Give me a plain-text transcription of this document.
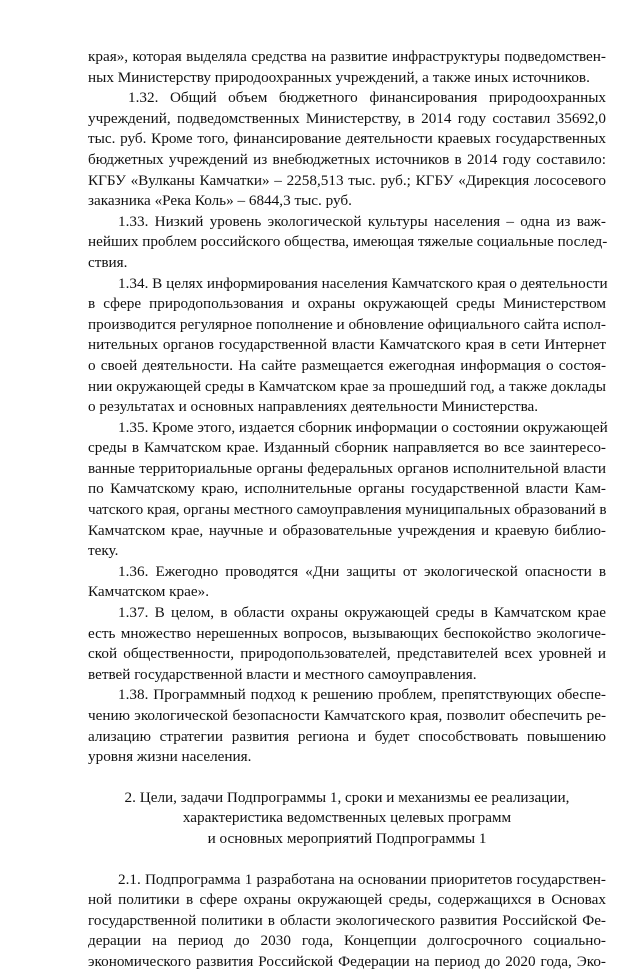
края», которая выделяла средства на развитие инфраструктуры подведомствен-
ных Министерству природоохранных учреждений, а также иных источников.
1.32. Общий объем бюджетного финансирования природоохранных
учреждений, подведомственных Министерству, в 2014 году составил 35692,0
тыс. руб. Кроме того, финансирование деятельности краевых государственных
бюджетных учреждений из внебюджетных источников в 2014 году составило:
КГБУ «Вулканы Камчатки» – 2258,513 тыс. руб.; КГБУ «Дирекция лососевого
заказника «Река Коль» – 6844,3 тыс. руб.
1.33. Низкий уровень экологической культуры населения – одна из важ-
нейших проблем российского общества, имеющая тяжелые социальные послед-
ствия.
1.34. В целях информирования населения Камчатского края о деятельности
в сфере природопользования и охраны окружающей среды Министерством
производится регулярное пополнение и обновление официального сайта испол-
нительных органов государственной власти Камчатского края в сети Интернет
о своей деятельности. На сайте размещается ежегодная информация о состоя-
нии окружающей среды в Камчатском крае за прошедший год, а также доклады
о результатах и основных направлениях деятельности Министерства.
1.35. Кроме этого, издается сборник информации о состоянии окружающей
среды в Камчатском крае. Изданный сборник направляется во все заинтересо-
ванные территориальные органы федеральных органов исполнительной власти
по Камчатскому краю, исполнительные органы государственной власти Кам-
чатского края, органы местного самоуправления муниципальных образований в
Камчатском крае, научные и образовательные учреждения и краевую библио-
теку.
1.36. Ежегодно проводятся «Дни защиты от экологической опасности в
Камчатском крае».
1.37. В целом, в области охраны окружающей среды в Камчатском крае
есть множество нерешенных вопросов, вызывающих беспокойство экологиче-
ской общественности, природопользователей, представителей всех уровней и
ветвей государственной власти и местного самоуправления.
1.38. Программный подход к решению проблем, препятствующих обеспе-
чению экологической безопасности Камчатского края, позволит обеспечить ре-
ализацию стратегии развития региона и будет способствовать повышению
уровня жизни населения.
2. Цели, задачи Подпрограммы 1, сроки и механизмы ее реализации,
характеристика ведомственных целевых программ
и основных мероприятий Подпрограммы 1
2.1. Подпрограмма 1 разработана на основании приоритетов государствен-
ной политики в сфере охраны окружающей среды, содержащихся в Основах
государственной политики в области экологического развития Российской Фе-
дерации на период до 2030 года, Концепции долгосрочного социально-
экономического развития Российской Федерации на период до 2020 года, Эко-
